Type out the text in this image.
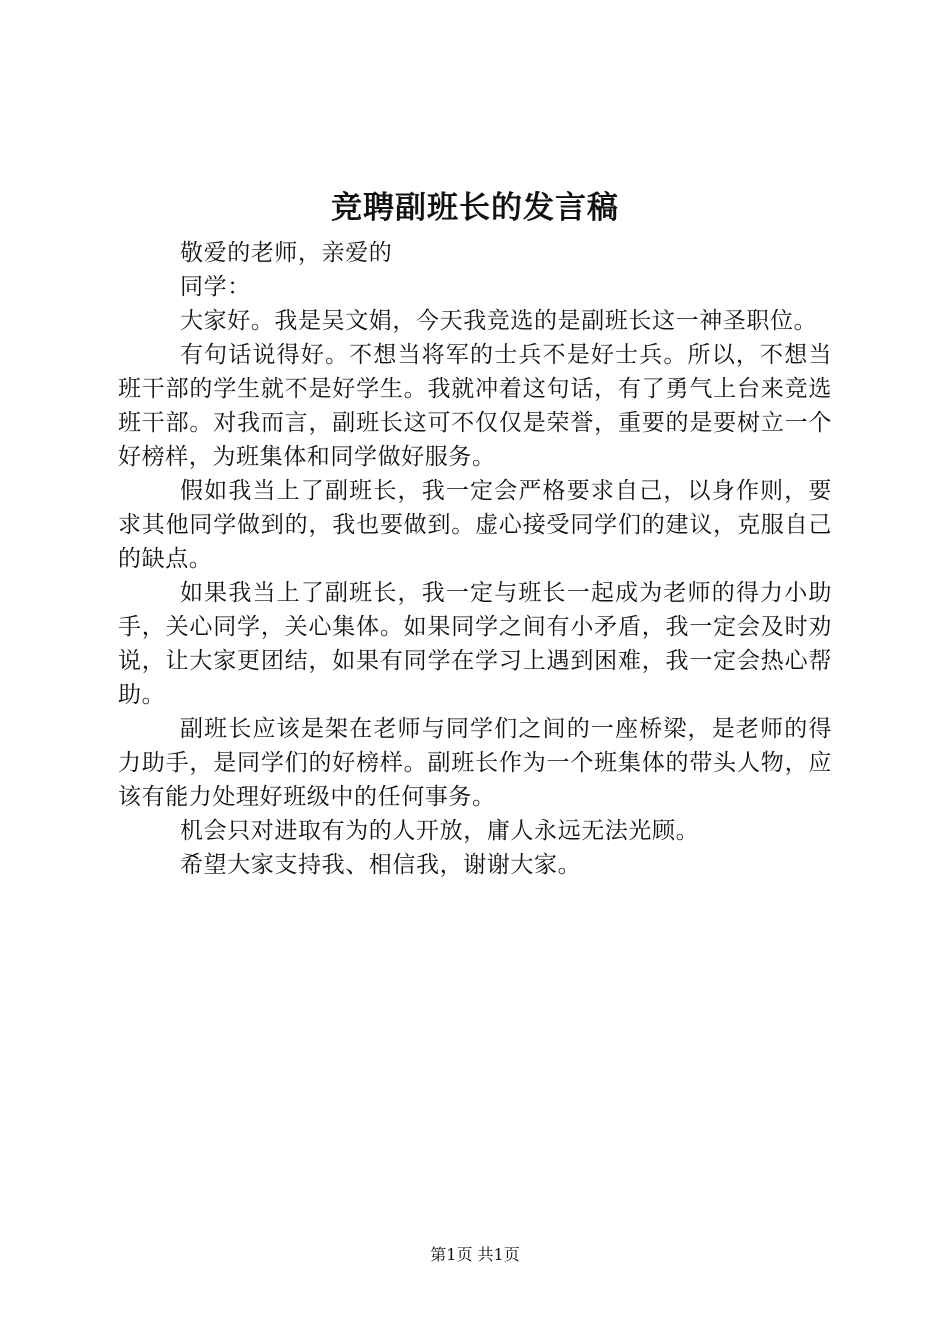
竞聘副班长的发言稿

敬爱的老师，亲爱的

同学：

大家好。我是吴文娟，今天我竞选的是副班长这一神圣职位。

有句话说得好。不想当将军的士兵不是好士兵。所以，不想当班干部的学生就不是好学生。我就冲着这句话，有了勇气上台来竞选班干部。对我而言，副班长这可不仅仅是荣誉，重要的是要树立一个好榜样，为班集体和同学做好服务。

假如我当上了副班长，我一定会严格要求自己，以身作则，要求其他同学做到的，我也要做到。虚心接受同学们的建议，克服自己的缺点。

如果我当上了副班长，我一定与班长一起成为老师的得力小助手，关心同学，关心集体。如果同学之间有小矛盾，我一定会及时劝说，让大家更团结，如果有同学在学习上遇到困难，我一定会热心帮助。

副班长应该是架在老师与同学们之间的一座桥梁，是老师的得力助手，是同学们的好榜样。副班长作为一个班集体的带头人物，应该有能力处理好班级中的任何事务。

机会只对进取有为的人开放，庸人永远无法光顾。

希望大家支持我、相信我，谢谢大家。

第1页 共1页
